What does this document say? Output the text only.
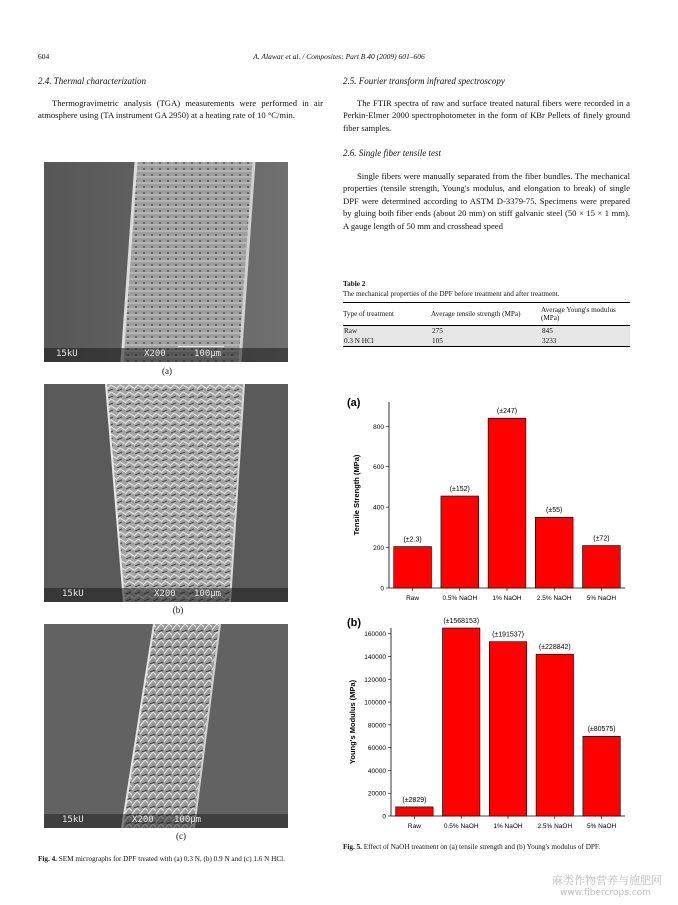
604	A. Alawar et al. / Composites: Part B 40 (2009) 601–606
2.4. Thermal characterization

Thermogravimetric analysis (TGA) measurements were performed in air atmosphere using (TA instrument GA 2950) at a heating rate of 10 °C/min.

15kU	X200	100µm
(a)
15kU	X200 100µm
(b)
15kU	X200 100µm
(c)
Fig. 4. SEM micrographs for DPF treated with (a) 0.3 N, (b) 0.9 N and (c) 1.6 N HCl.
2.5. Fourier transform infrared spectroscopy

The FTIR spectra of raw and surface treated natural fibers were recorded in a Perkin-Elmer 2000 spectrophotometer in the form of KBr Pellets of finely ground fiber samples.

2.6. Single fiber tensile test

Single fibers were manually separated from the fiber bundles. The mechanical properties (tensile strength, Young's modulus, and elongation to break) of single DPF were determined according to ASTM D-3379-75. Specimens were prepared by gluing both fiber ends (about 20 mm) on stiff galvanic steel (50 × 15 × 1 mm). A gauge length of 50 mm and crosshead speed

Table 2
The mechanical properties of the DPF before treatment and after treatment.
Type of treatment	Average tensile strength (MPa)	Average Young's modulus (MPa)
Raw	275	845
0.3 N HCl	105	3233
(a)
0
200
400
600
800
Tensile Strength (MPa)
(±2.3)
Raw
(±152)
0.5% NaOH
(±247)
1% NaOH
(±55)
2.5% NaOH
(±72)
5% NaOH
(b)
0
20000
40000
60000
80000
100000
120000
140000
160000
Young's Modulus (MPa)
(±2829)
Raw
(±1568153)
0.5% NaOH
(±191537)
1% NaOH
(±228842)
2.5% NaOH
(±80575)
5% NaOH
Fig. 5. Effect of NaOH treatment on (a) tensile strength and (b) Young's modulus of DPF.
麻类作物营养与施肥网
www.fibercrops.com
